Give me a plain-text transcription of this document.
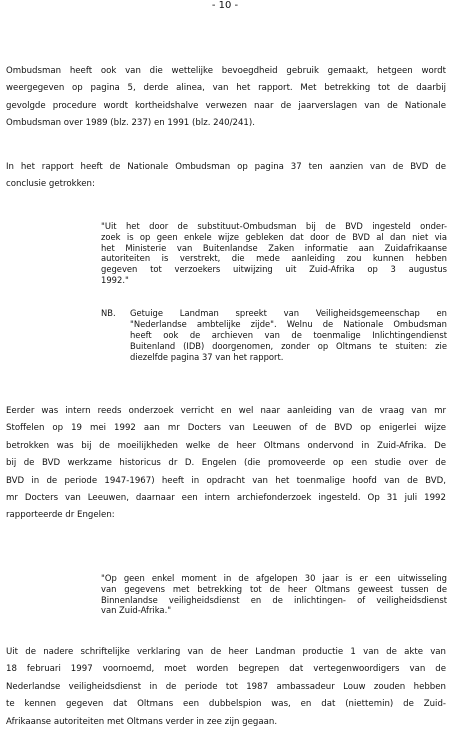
- 10 -
Ombudsman heeft ook van die wettelijke bevoegdheid gebruik gemaakt, hetgeen wordt
weergegeven op pagina 5, derde alinea, van het rapport. Met betrekking tot de daarbij
gevolgde procedure wordt kortheidshalve verwezen naar de jaarverslagen van de Nationale
Ombudsman over 1989 (blz. 237) en 1991 (blz. 240/241).
In het rapport heeft de Nationale Ombudsman op pagina 37 ten aanzien van de BVD de
conclusie getrokken:
"Uit het door de substituut-Ombudsman bij de BVD ingesteld onder-
zoek is op geen enkele wijze gebleken dat door de BVD al dan niet via
het Ministerie van Buitenlandse Zaken informatie aan Zuidafrikaanse
autoriteiten is verstrekt, die mede aanleiding zou kunnen hebben
gegeven tot verzoekers uitwijzing uit Zuid-Afrika op 3 augustus
1992."
NB. Getuige Landman spreekt van Veiligheidsgemeenschap en
"Nederlandse ambtelijke zijde". Welnu de Nationale Ombudsman
heeft ook de archieven van de toenmalige Inlichtingendienst
Buitenland (IDB) doorgenomen, zonder op Oltmans te stuiten: zie
diezelfde pagina 37 van het rapport.
Eerder was intern reeds onderzoek verricht en wel naar aanleiding van de vraag van mr
Stoffelen op 19 mei 1992 aan mr Docters van Leeuwen of de BVD op enigerlei wijze
betrokken was bij de moeilijkheden welke de heer Oltmans ondervond in Zuid-Afrika. De
bij de BVD werkzame historicus dr D. Engelen (die promoveerde op een studie over de
BVD in de periode 1947-1967) heeft in opdracht van het toenmalige hoofd van de BVD,
mr Docters van Leeuwen, daarnaar een intern archiefonderzoek ingesteld. Op 31 juli 1992
rapporteerde dr Engelen:
"Op geen enkel moment in de afgelopen 30 jaar is er een uitwisseling
van gegevens met betrekking tot de heer Oltmans geweest tussen de
Binnenlandse veiligheidsdienst en de inlichtingen- of veiligheidsdienst
van Zuid-Afrika."
Uit de nadere schriftelijke verklaring van de heer Landman productie 1 van de akte van
18 februari 1997 voornoemd, moet worden begrepen dat vertegenwoordigers van de
Nederlandse veiligheidsdienst in de periode tot 1987 ambassadeur Louw zouden hebben
te kennen gegeven dat Oltmans een dubbelspion was, en dat (niettemin) de Zuid-
Afrikaanse autoriteiten met Oltmans verder in zee zijn gegaan.
